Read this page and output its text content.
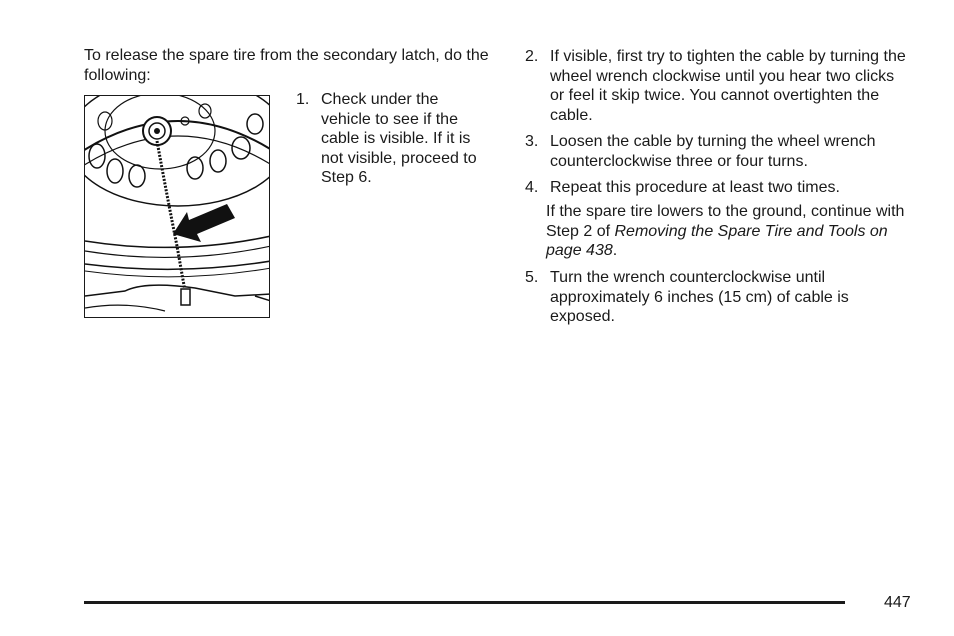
To release the spare tire from the secondary latch, do the following:

1. Check under the vehicle to see if the cable is visible. If it is not visible, proceed to Step 6.
2. If visible, first try to tighten the cable by turning the wheel wrench clockwise until you hear two clicks or feel it skip twice. You cannot overtighten the cable.
3. Loosen the cable by turning the wheel wrench counterclockwise three or four turns.
4. Repeat this procedure at least two times.

If the spare tire lowers to the ground, continue with Step 2 of Removing the Spare Tire and Tools on page 438.

5. Turn the wrench counterclockwise until approximately 6 inches (15 cm) of cable is exposed.
447
